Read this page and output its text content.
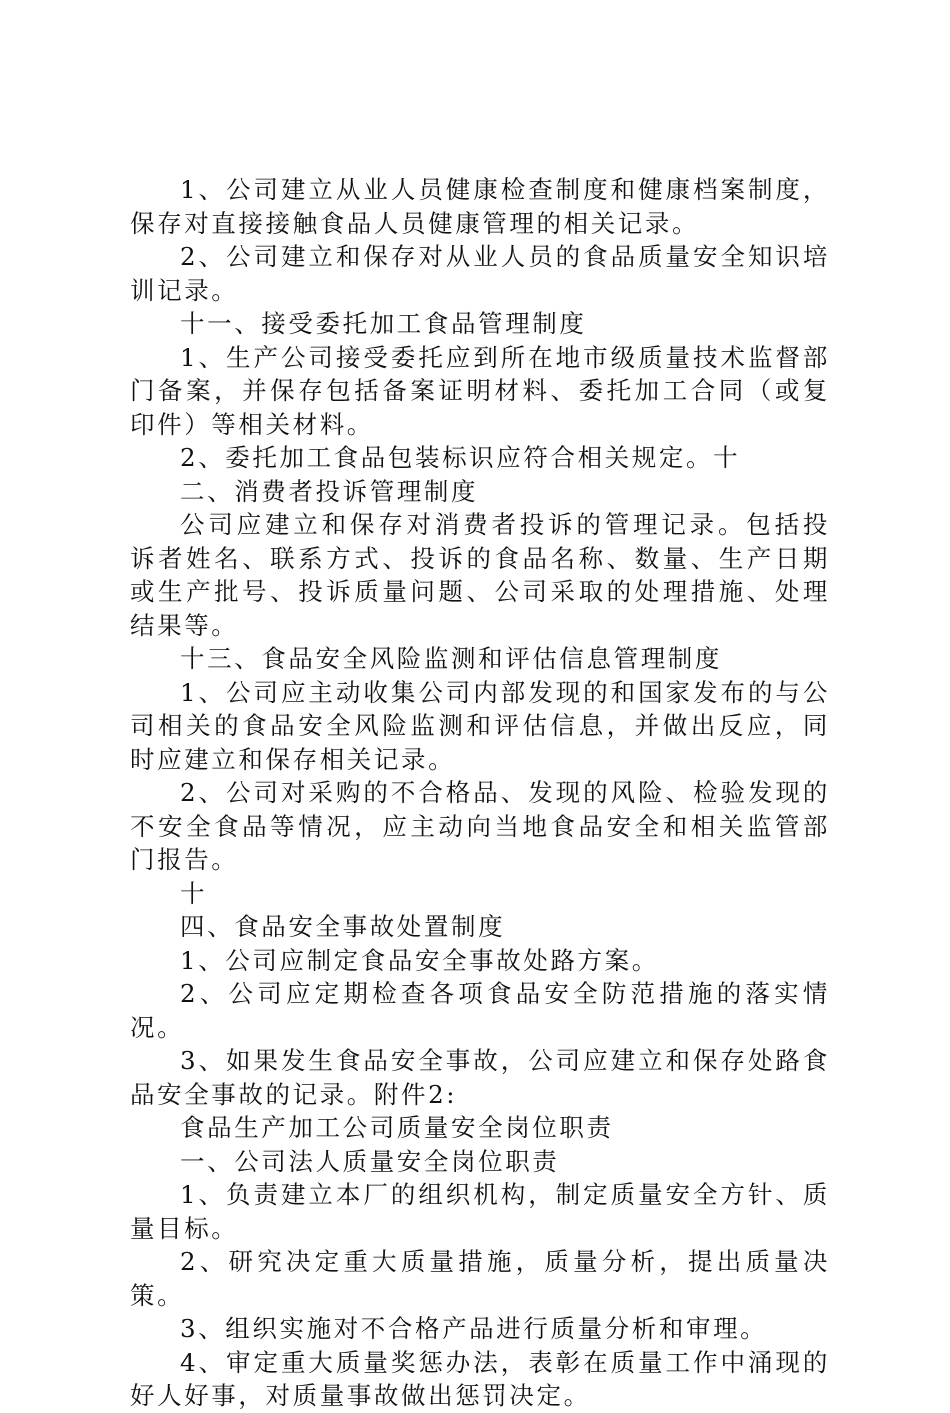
1、公司建立从业人员健康检查制度和健康档案制度，保存对直接接触食品人员健康管理的相关记录。

2、公司建立和保存对从业人员的食品质量安全知识培训记录。

十一、接受委托加工食品管理制度

1、生产公司接受委托应到所在地市级质量技术监督部门备案，并保存包括备案证明材料、委托加工合同（或复印件）等相关材料。

2、委托加工食品包装标识应符合相关规定。十

二、消费者投诉管理制度

公司应建立和保存对消费者投诉的管理记录。包括投诉者姓名、联系方式、投诉的食品名称、数量、生产日期或生产批号、投诉质量问题、公司采取的处理措施、处理结果等。

十三、食品安全风险监测和评估信息管理制度

1、公司应主动收集公司内部发现的和国家发布的与公司相关的食品安全风险监测和评估信息，并做出反应，同时应建立和保存相关记录。

2、公司对采购的不合格品、发现的风险、检验发现的不安全食品等情况，应主动向当地食品安全和相关监管部门报告。

十

四、食品安全事故处置制度

1、公司应制定食品安全事故处路方案。

2、公司应定期检查各项食品安全防范措施的落实情况。

3、如果发生食品安全事故，公司应建立和保存处路食品安全事故的记录。附件2:

食品生产加工公司质量安全岗位职责

一、公司法人质量安全岗位职责

1、负责建立本厂的组织机构，制定质量安全方针、质量目标。

2、研究决定重大质量措施，质量分析，提出质量决策。

3、组织实施对不合格产品进行质量分析和审理。

4、审定重大质量奖惩办法，表彰在质量工作中涌现的好人好事，对质量事故做出惩罚决定。
